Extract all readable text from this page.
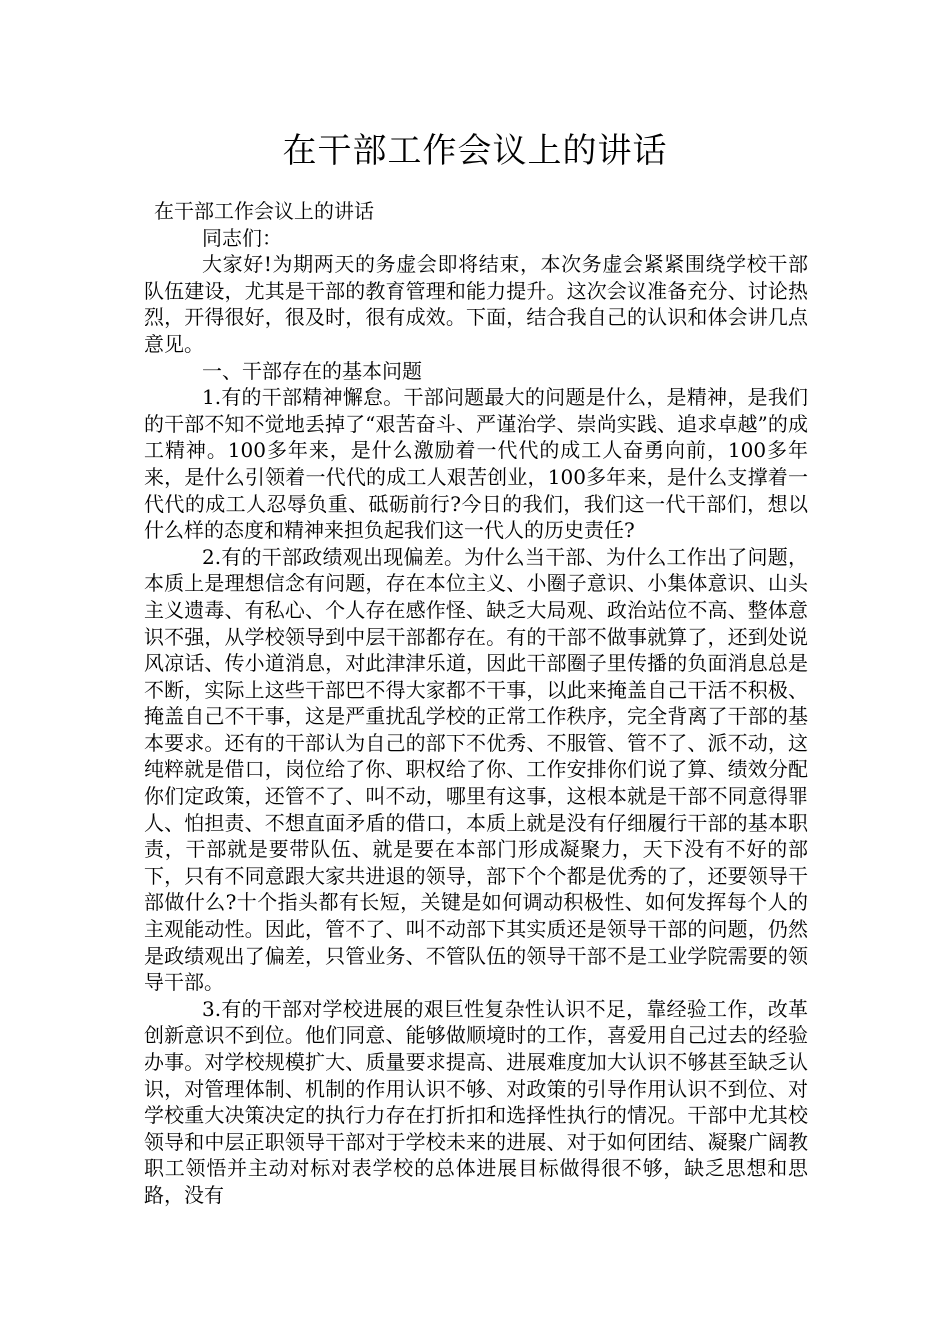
在干部工作会议上的讲话

在干部工作会议上的讲话

同志们：

大家好!为期两天的务虚会即将结束，本次务虚会紧紧围绕学校干部队伍建设，尤其是干部的教育管理和能力提升。这次会议准备充分、讨论热烈，开得很好，很及时，很有成效。下面，结合我自己的认识和体会讲几点意见。

一、干部存在的基本问题

1.有的干部精神懈怠。干部问题最大的问题是什么，是精神，是我们的干部不知不觉地丢掉了“艰苦奋斗、严谨治学、崇尚实践、追求卓越”的成工精神。100多年来，是什么激励着一代代的成工人奋勇向前，100多年来，是什么引领着一代代的成工人艰苦创业，100多年来，是什么支撑着一代代的成工人忍辱负重、砥砺前行?今日的我们，我们这一代干部们，想以什么样的态度和精神来担负起我们这一代人的历史责任?

2.有的干部政绩观出现偏差。为什么当干部、为什么工作出了问题，本质上是理想信念有问题，存在本位主义、小圈子意识、小集体意识、山头主义遗毒、有私心、个人存在感作怪、缺乏大局观、政治站位不高、整体意识不强，从学校领导到中层干部都存在。有的干部不做事就算了，还到处说风凉话、传小道消息，对此津津乐道，因此干部圈子里传播的负面消息总是不断，实际上这些干部巴不得大家都不干事，以此来掩盖自己干活不积极、掩盖自己不干事，这是严重扰乱学校的正常工作秩序，完全背离了干部的基本要求。还有的干部认为自己的部下不优秀、不服管、管不了、派不动，这纯粹就是借口，岗位给了你、职权给了你、工作安排你们说了算、绩效分配你们定政策，还管不了、叫不动，哪里有这事，这根本就是干部不同意得罪人、怕担责、不想直面矛盾的借口，本质上就是没有仔细履行干部的基本职责，干部就是要带队伍、就是要在本部门形成凝聚力，天下没有不好的部下，只有不同意跟大家共进退的领导，部下个个都是优秀的了，还要领导干部做什么?十个指头都有长短，关键是如何调动积极性、如何发挥每个人的主观能动性。因此，管不了、叫不动部下其实质还是领导干部的问题，仍然是政绩观出了偏差，只管业务、不管队伍的领导干部不是工业学院需要的领导干部。

3.有的干部对学校进展的艰巨性复杂性认识不足，靠经验工作，改革创新意识不到位。他们同意、能够做顺境时的工作，喜爱用自己过去的经验办事。对学校规模扩大、质量要求提高、进展难度加大认识不够甚至缺乏认识，对管理体制、机制的作用认识不够、对政策的引导作用认识不到位、对学校重大决策决定的执行力存在打折扣和选择性执行的情况。干部中尤其校领导和中层正职领导干部对于学校未来的进展、对于如何团结、凝聚广阔教职工领悟并主动对标对表学校的总体进展目标做得很不够，缺乏思想和思路，没有
